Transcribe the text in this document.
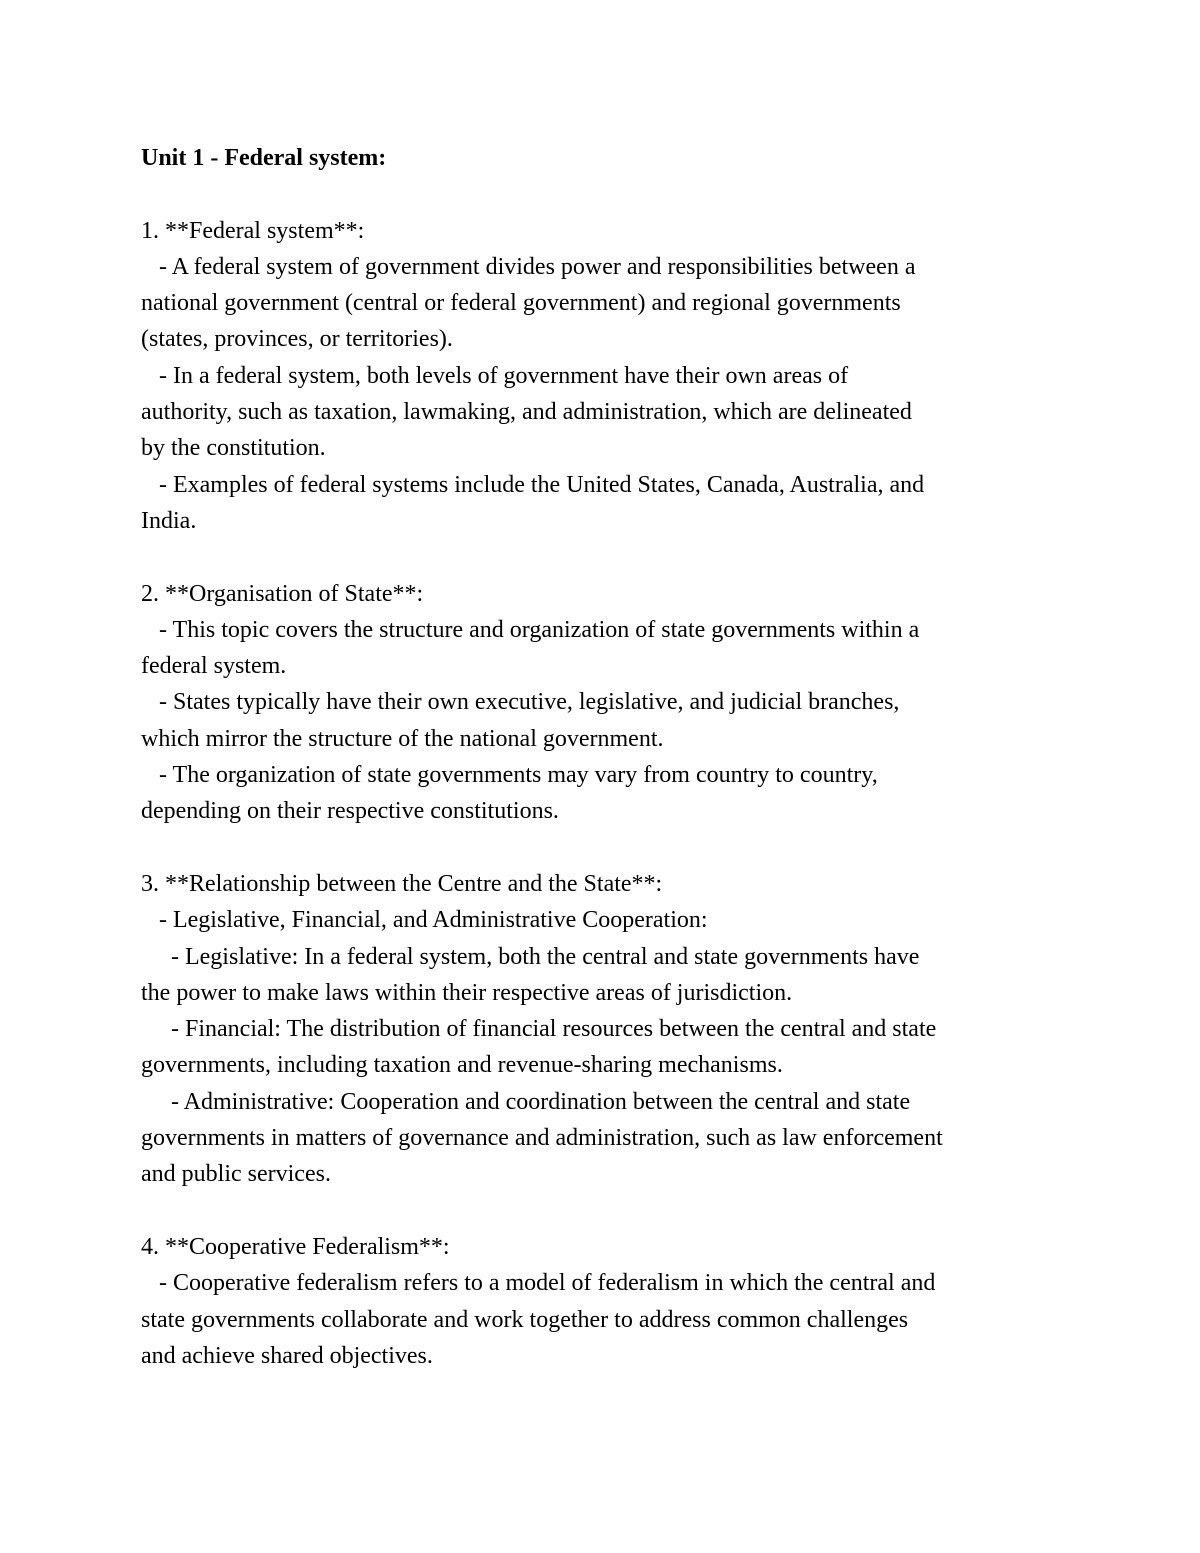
Unit 1 - Federal system:
1. **Federal system**:
- A federal system of government divides power and responsibilities between a
national government (central or federal government) and regional governments
(states, provinces, or territories).
- In a federal system, both levels of government have their own areas of
authority, such as taxation, lawmaking, and administration, which are delineated
by the constitution.
- Examples of federal systems include the United States, Canada, Australia, and
India.
2. **Organisation of State**:
- This topic covers the structure and organization of state governments within a
federal system.
- States typically have their own executive, legislative, and judicial branches,
which mirror the structure of the national government.
- The organization of state governments may vary from country to country,
depending on their respective constitutions.
3. **Relationship between the Centre and the State**:
- Legislative, Financial, and Administrative Cooperation:
- Legislative: In a federal system, both the central and state governments have
the power to make laws within their respective areas of jurisdiction.
- Financial: The distribution of financial resources between the central and state
governments, including taxation and revenue-sharing mechanisms.
- Administrative: Cooperation and coordination between the central and state
governments in matters of governance and administration, such as law enforcement
and public services.
4. **Cooperative Federalism**:
- Cooperative federalism refers to a model of federalism in which the central and
state governments collaborate and work together to address common challenges
and achieve shared objectives.
